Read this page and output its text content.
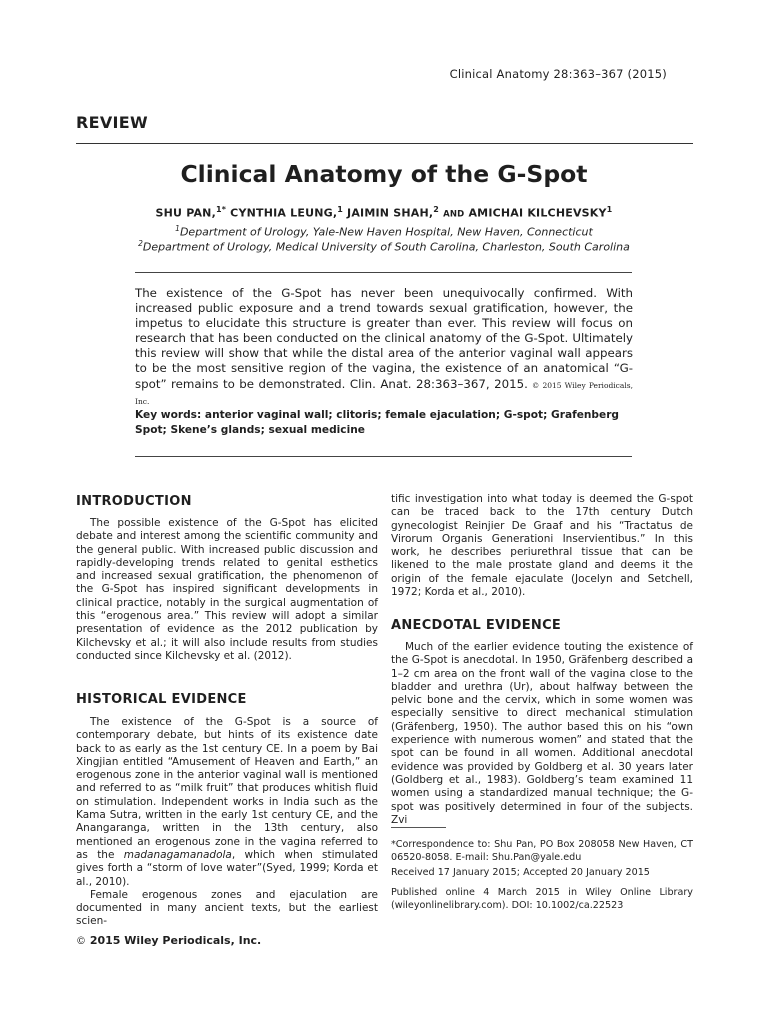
Clinical Anatomy 28:363–367 (2015)
REVIEW
Clinical Anatomy of the G-Spot
SHU PAN,$^{1*}$ CYNTHIA LEUNG,$^1$ JAIMIN SHAH,$^2$ AND AMICHAI KILCHEVSKY$^1$
$^1$Department of Urology, Yale-New Haven Hospital, New Haven, Connecticut
$^2$Department of Urology, Medical University of South Carolina, Charleston, South Carolina
The existence of the G-Spot has never been unequivocally confirmed. With increased public exposure and a trend towards sexual gratification, however, the impetus to elucidate this structure is greater than ever. This review will focus on research that has been conducted on the clinical anatomy of the G-Spot. Ultimately this review will show that while the distal area of the anterior vaginal wall appears to be the most sensitive region of the vagina, the existence of an anatomical “G-spot” remains to be demonstrated. Clin. Anat. 28:363–367, 2015. © 2015 Wiley Periodicals, Inc.
Key words: anterior vaginal wall; clitoris; female ejaculation; G-spot; Grafenberg Spot; Skene’s glands; sexual medicine
INTRODUCTION

The possible existence of the G-Spot has elicited debate and interest among the scientific community and the general public. With increased public discussion and rapidly-developing trends related to genital esthetics and increased sexual gratification, the phenomenon of the G-Spot has inspired significant developments in clinical practice, notably in the surgical augmentation of this “erogenous area.” This review will adopt a similar presentation of evidence as the 2012 publication by Kilchevsky et al.; it will also include results from studies conducted since Kilchevsky et al. (2012).

HISTORICAL EVIDENCE

The existence of the G-Spot is a source of contemporary debate, but hints of its existence date back to as early as the 1st century CE. In a poem by Bai Xingjian entitled “Amusement of Heaven and Earth,” an erogenous zone in the anterior vaginal wall is mentioned and referred to as “milk fruit” that produces whitish fluid on stimulation. Independent works in India such as the Kama Sutra, written in the early 1st century CE, and the Anangaranga, written in the 13th century, also mentioned an erogenous zone in the vagina referred to as the madanagamanadola, which when stimulated gives forth a “storm of love water”(Syed, 1999; Korda et al., 2010).

Female erogenous zones and ejaculation are documented in many ancient texts, but the earliest scien-

tific investigation into what today is deemed the G-spot can be traced back to the 17th century Dutch gynecologist Reinjier De Graaf and his “Tractatus de Virorum Organis Generationi Inservientibus.” In this work, he describes periurethral tissue that can be likened to the male prostate gland and deems it the origin of the female ejaculate (Jocelyn and Setchell, 1972; Korda et al., 2010).

ANECDOTAL EVIDENCE

Much of the earlier evidence touting the existence of the G-Spot is anecdotal. In 1950, Gräfenberg described a 1–2 cm area on the front wall of the vagina close to the bladder and urethra (Ur), about halfway between the pelvic bone and the cervix, which in some women was especially sensitive to direct mechanical stimulation (Gräfenberg, 1950). The author based this on his “own experience with numerous women” and stated that the spot can be found in all women. Additional anecdotal evidence was provided by Goldberg et al. 30 years later (Goldberg et al., 1983). Goldberg’s team examined 11 women using a standardized manual technique; the G-spot was positively determined in four of the subjects. Zvi

*Correspondence to: Shu Pan, PO Box 208058 New Haven, CT 06520-8058. E-mail: Shu.Pan@yale.edu
Received 17 January 2015; Accepted 20 January 2015
Published online 4 March 2015 in Wiley Online Library (wileyonlinelibrary.com). DOI: 10.1002/ca.22523
© 2015 Wiley Periodicals, Inc.
